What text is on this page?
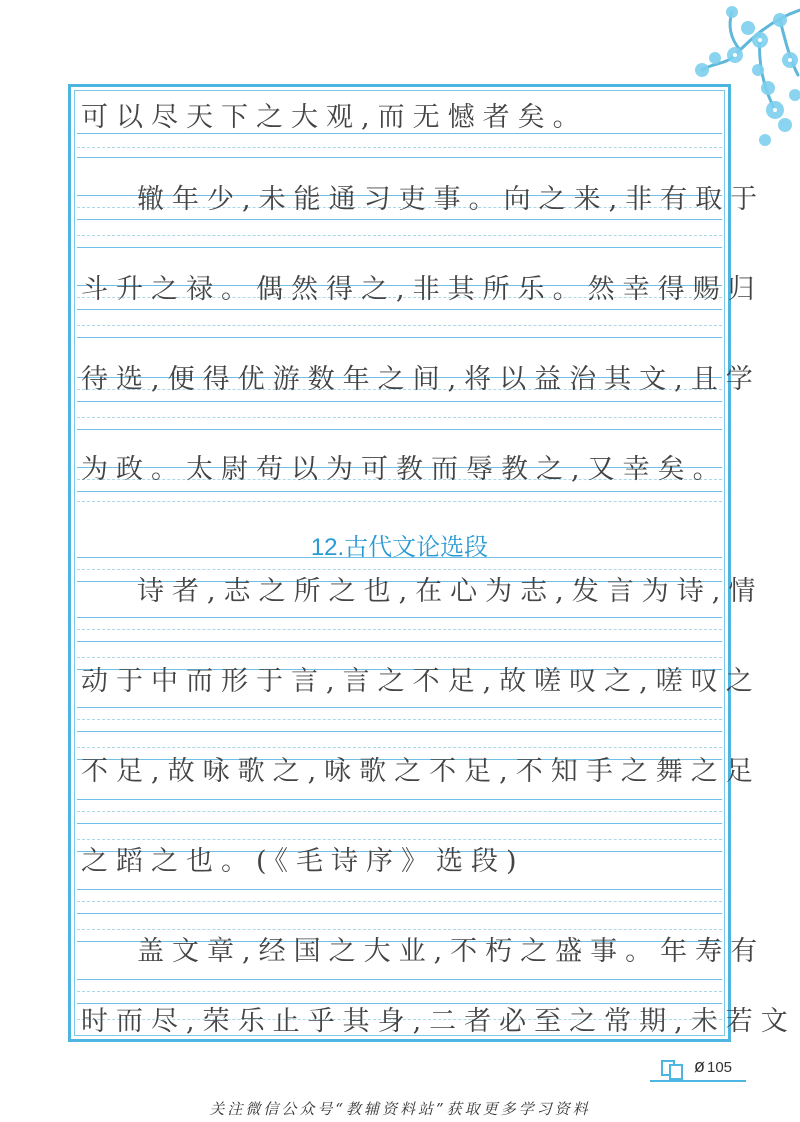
可以尽天下之大观,而无憾者矣。
辙年少,未能通习吏事。向之来,非有取于
斗升之禄。偶然得之,非其所乐。然幸得赐归
待选,便得优游数年之间,将以益治其文,且学
为政。太尉苟以为可教而辱教之,又幸矣。
12.古代文论选段
诗者,志之所之也,在心为志,发言为诗,情
动于中而形于言,言之不足,故嗟叹之,嗟叹之
不足,故咏歌之,咏歌之不足,不知手之舞之足
之蹈之也。(《毛诗序》选段)
盖文章,经国之大业,不朽之盛事。年寿有
时而尽,荣乐止乎其身,二者必至之常期,未若文
ø 105
关注微信公众号“教辅资料站”获取更多学习资料
